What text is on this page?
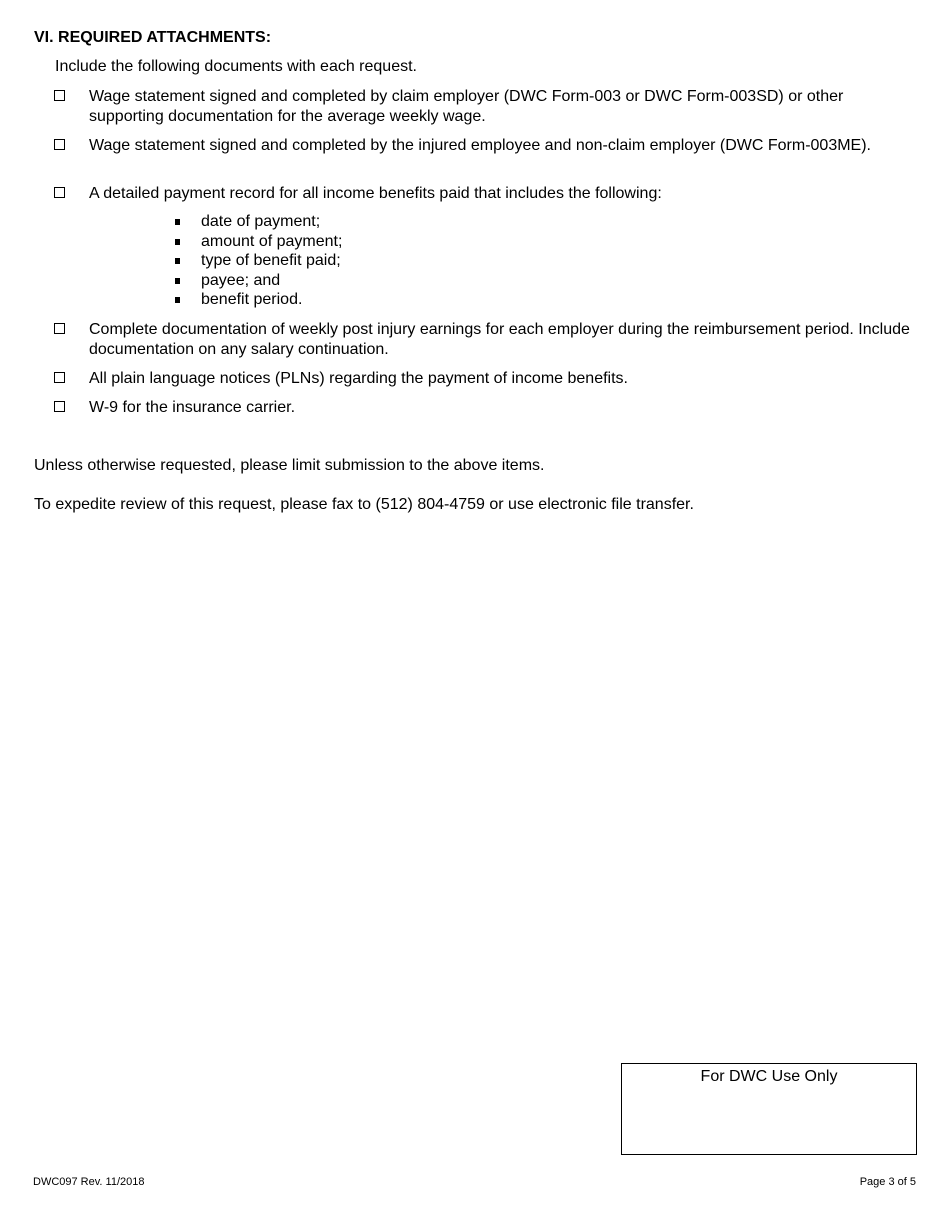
VI. REQUIRED ATTACHMENTS:
Include the following documents with each request.
Wage statement signed and completed by claim employer (DWC Form-003 or DWC Form-003SD) or other supporting documentation for the average weekly wage.
Wage statement signed and completed by the injured employee and non-claim employer (DWC Form-003ME).
A detailed payment record for all income benefits paid that includes the following:
date of payment;
amount of payment;
type of benefit paid;
payee; and
benefit period.
Complete documentation of weekly post injury earnings for each employer during the reimbursement period. Include documentation on any salary continuation.
All plain language notices (PLNs) regarding the payment of income benefits.
W-9 for the insurance carrier.
Unless otherwise requested, please limit submission to the above items.
To expedite review of this request, please fax to (512) 804-4759 or use electronic file transfer.
For DWC Use Only
DWC097 Rev. 11/2018	Page 3 of 5
